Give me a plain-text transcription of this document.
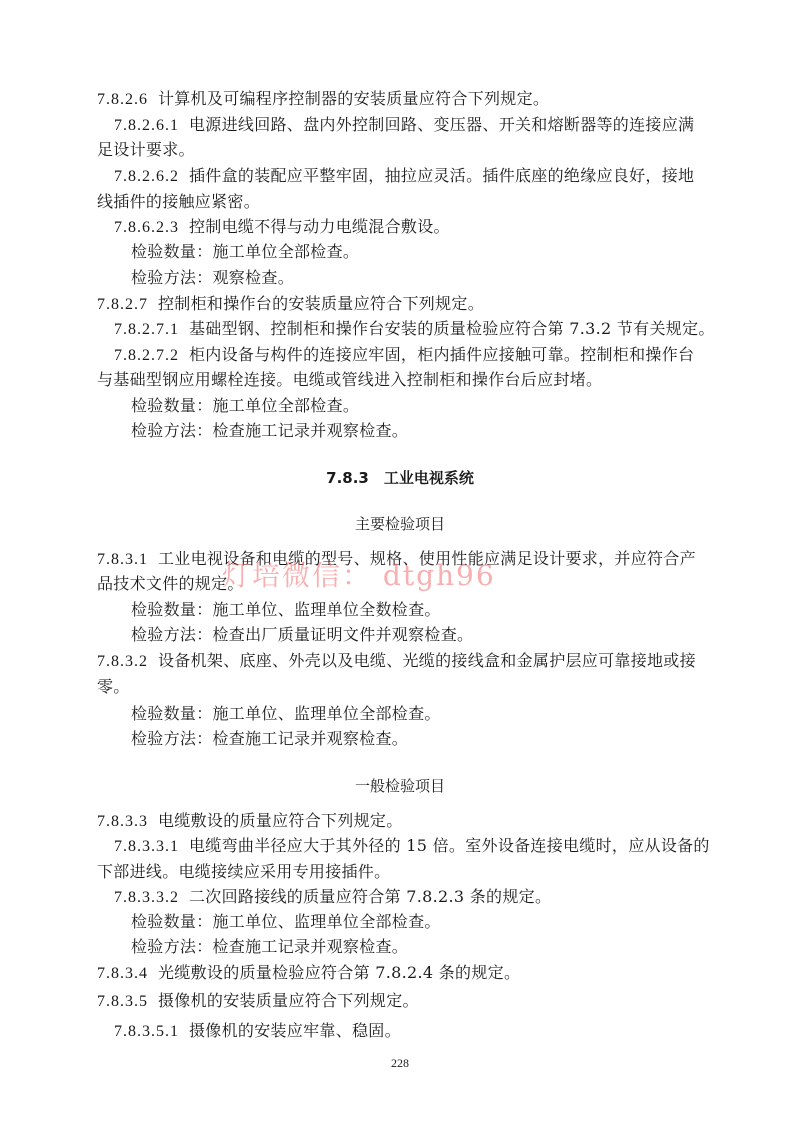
7.8.2.6 计算机及可编程序控制器的安装质量应符合下列规定。
7.8.2.6.1 电源进线回路、盘内外控制回路、变压器、开关和熔断器等的连接应满
足设计要求。
7.8.2.6.2 插件盒的装配应平整牢固，抽拉应灵活。插件底座的绝缘应良好，接地
线插件的接触应紧密。
7.8.6.2.3 控制电缆不得与动力电缆混合敷设。
检验数量：施工单位全部检查。
检验方法：观察检查。
7.8.2.7 控制柜和操作台的安装质量应符合下列规定。
7.8.2.7.1 基础型钢、控制柜和操作台安装的质量检验应符合第 7.3.2 节有关规定。
7.8.2.7.2 柜内设备与构件的连接应牢固，柜内插件应接触可靠。控制柜和操作台
与基础型钢应用螺栓连接。电缆或管线进入控制柜和操作台后应封堵。
检验数量：施工单位全部检查。
检验方法：检查施工记录并观察检查。
7.8.3　工业电视系统
主要检验项目
7.8.3.1 工业电视设备和电缆的型号、规格、使用性能应满足设计要求，并应符合产
品技术文件的规定。
检验数量：施工单位、监理单位全数检查。
检验方法：检查出厂质量证明文件并观察检查。
7.8.3.2 设备机架、底座、外壳以及电缆、光缆的接线盒和金属护层应可靠接地或接
零。
检验数量：施工单位、监理单位全部检查。
检验方法：检查施工记录并观察检查。
一般检验项目
7.8.3.3 电缆敷设的质量应符合下列规定。
7.8.3.3.1 电缆弯曲半径应大于其外径的 15 倍。室外设备连接电缆时，应从设备的
下部进线。电缆接续应采用专用接插件。
7.8.3.3.2 二次回路接线的质量应符合第 7.8.2.3 条的规定。
检验数量：施工单位、监理单位全部检查。
检验方法：检查施工记录并观察检查。
7.8.3.4 光缆敷设的质量检验应符合第 7.8.2.4 条的规定。
7.8.3.5 摄像机的安装质量应符合下列规定。
7.8.3.5.1 摄像机的安装应牢靠、稳固。
灯培微信： dtgh96
228
